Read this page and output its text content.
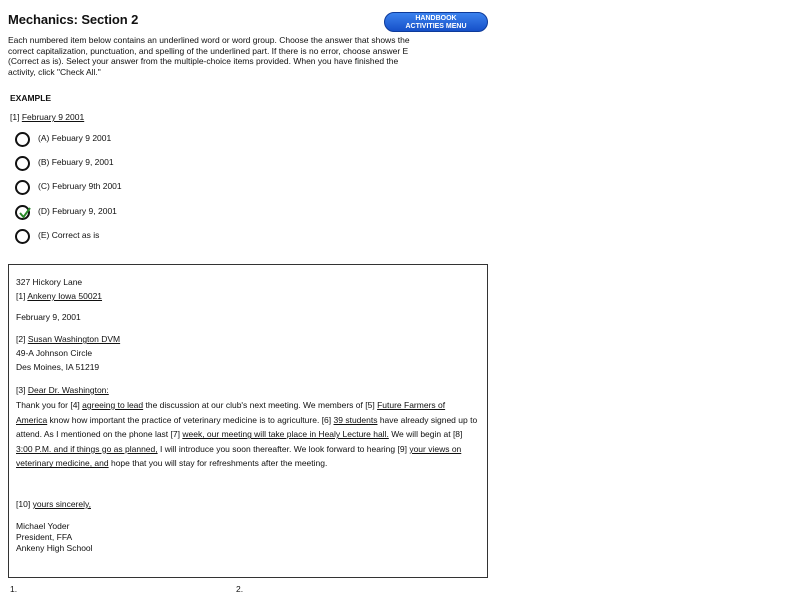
Mechanics: Section 2	HANDBOOK
ACTIVITIES MENU
Each numbered item below contains an underlined word or word group. Choose the answer that shows the correct capitalization, punctuation, and spelling of the underlined part. If there is no error, choose answer E (Correct as is). Select your answer from the multiple-choice items provided. When you have finished the activity, click "Check All."
EXAMPLE
[1] February 9 2001
(A) Febuary 9 2001
(B) Febuary 9, 2001
(C) February 9th 2001
(D) February 9, 2001
(E) Correct as is
327 Hickory Lane
[1] Ankeny Iowa 50021
February 9, 2001
[2] Susan Washington DVM
49-A Johnson Circle
Des Moines, IA 51219
[3] Dear Dr. Washington:
Thank you for [4] agreeing to lead the discussion at our club's next meeting. We members of [5] Future Farmers of America know how important the practice of veterinary medicine is to agriculture. [6] 39 students have already signed up to attend. As I mentioned on the phone last [7] week, our meeting will take place in Healy Lecture hall. We will begin at [8] 3:00 P.M. and if things go as planned, I will introduce you soon thereafter. We look forward to hearing [9] your views on veterinary medicine, and hope that you will stay for refreshments after the meeting.
[10] yours sincerely,
Michael Yoder
President, FFA
Ankeny High School
1.	2.
